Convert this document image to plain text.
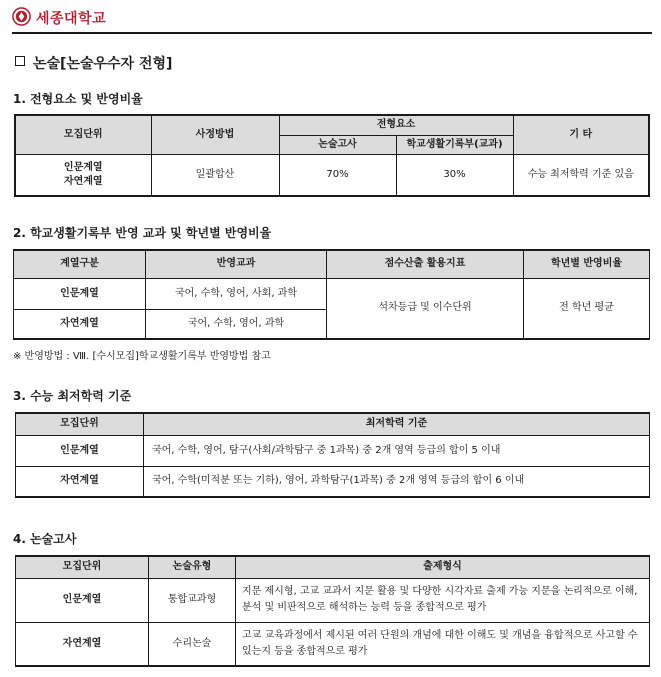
세종대학교
논술[논술우수자 전형]
1. 전형요소 및 반영비율
모집단위	사정방법	전형요소		기 타
		논술고사	학교생활기록부(교과)	

인문계열
자연계열	일괄합산	70%	30%	수능 최저학력 기준 있음
2. 학교생활기록부 반영 교과 및 학년별 반영비율
계열구분	반영교과	점수산출 활용지표	학년별 반영비율
인문계열	국어, 수학, 영어, 사회, 과학	석차등급 및 이수단위	전 학년 평균
자연계열	국어, 수학, 영어, 과학		
※ 반영방법 : Ⅷ. [수시모집]학교생활기록부 반영방법 참고
3. 수능 최저학력 기준
모집단위	최저학력 기준
인문계열	국어, 수학, 영어, 탐구(사회/과학탐구 중 1과목) 중 2개 영역 등급의 합이 5 이내
자연계열	국어, 수학(미적분 또는 기하), 영어, 과학탐구(1과목) 중 2개 영역 등급의 합이 6 이내
4. 논술고사
모집단위	논술유형	출제형식
인문계열	통합교과형	지문 제시형, 고교 교과서 지문 활용 및 다양한 시각자료 출제 가능 지문을 논리적으로 이해, 분석 및 비판적으로 해석하는 능력 등을 종합적으로 평가
자연계열	수리논술	고교 교육과정에서 제시된 여러 단원의 개념에 대한 이해도 및 개념을 융합적으로 사고할 수 있는지 등을 종합적으로 평가
